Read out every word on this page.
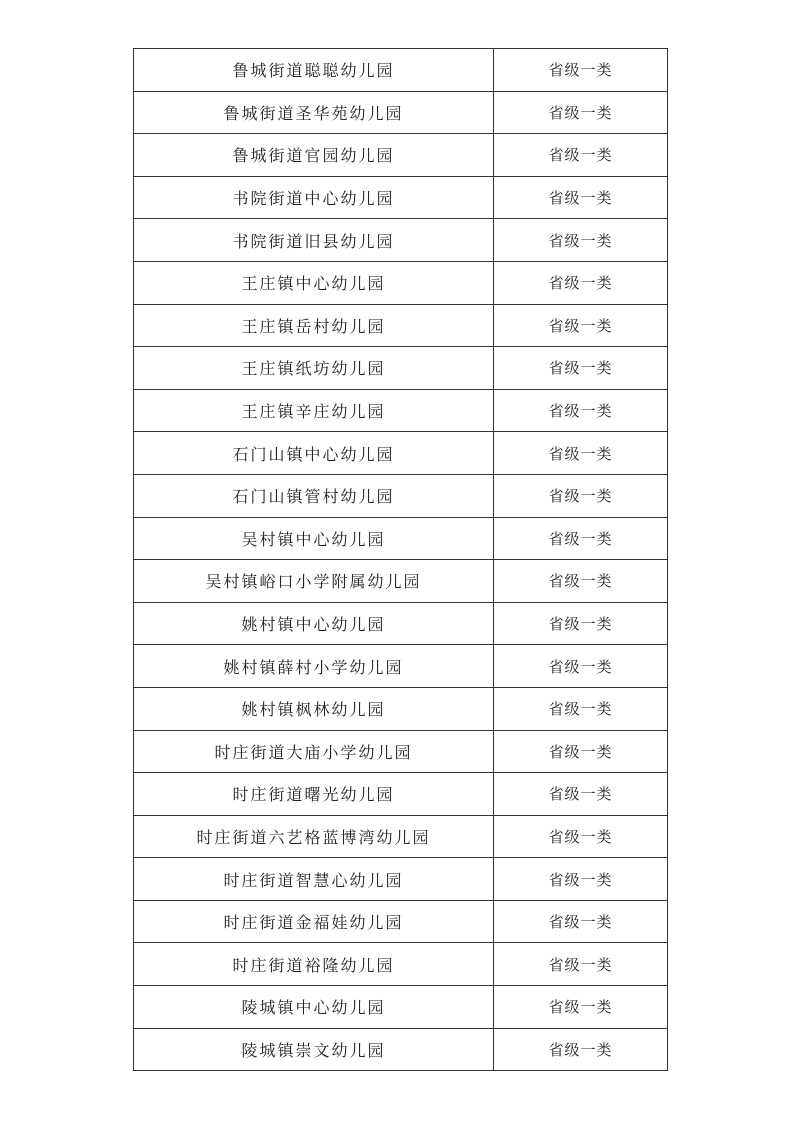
鲁城街道聪聪幼儿园	省级一类
鲁城街道圣华苑幼儿园	省级一类
鲁城街道官园幼儿园	省级一类
书院街道中心幼儿园	省级一类
书院街道旧县幼儿园	省级一类
王庄镇中心幼儿园	省级一类
王庄镇岳村幼儿园	省级一类
王庄镇纸坊幼儿园	省级一类
王庄镇辛庄幼儿园	省级一类
石门山镇中心幼儿园	省级一类
石门山镇管村幼儿园	省级一类
吴村镇中心幼儿园	省级一类
吴村镇峪口小学附属幼儿园	省级一类
姚村镇中心幼儿园	省级一类
姚村镇薛村小学幼儿园	省级一类
姚村镇枫林幼儿园	省级一类
时庄街道大庙小学幼儿园	省级一类
时庄街道曙光幼儿园	省级一类
时庄街道六艺格蓝博湾幼儿园	省级一类
时庄街道智慧心幼儿园	省级一类
时庄街道金福娃幼儿园	省级一类
时庄街道裕隆幼儿园	省级一类
陵城镇中心幼儿园	省级一类
陵城镇崇文幼儿园	省级一类
